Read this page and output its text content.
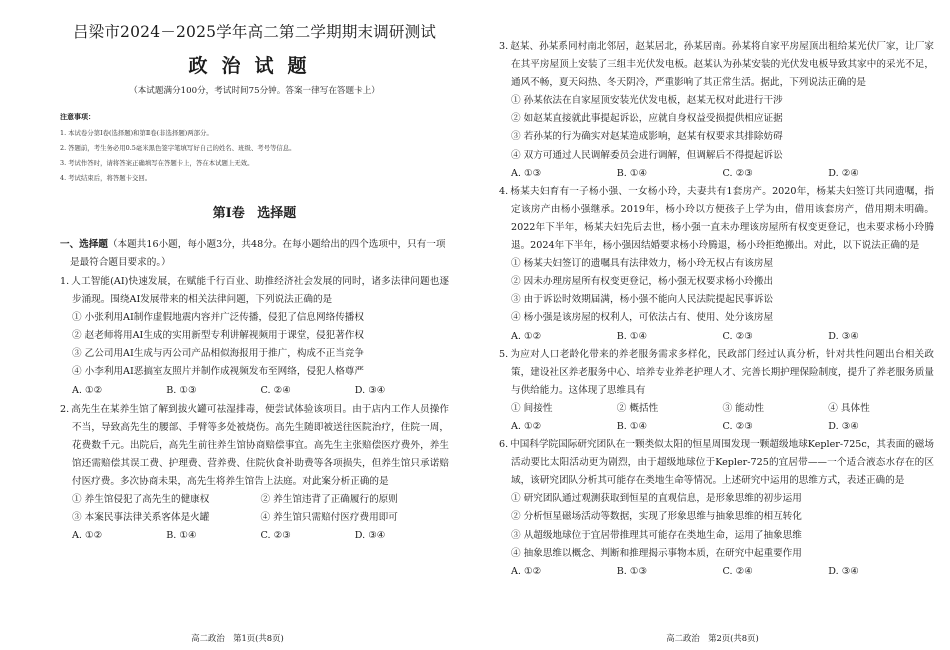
吕梁市2024－2025学年高二第二学期期末调研测试
政治试题
（本试题满分100分，考试时间75分钟。答案一律写在答题卡上）
注意事项：
1. 本试卷分第Ⅰ卷(选择题)和第Ⅱ卷(非选择题)两部分。
2. 答题前，考生务必用0.5毫米黑色签字笔填写好自己的姓名、班级、考号等信息。
3. 考试作答时，请将答案正确填写在答题卡上，答在本试题上无效。
4. 考试结束后，将答题卡交回。
第Ⅰ卷 选择题
一、选择题（本题共16小题，每小题3分，共48分。在每小题给出的四个选项中，只有一项是最符合题目要求的。）
1. 人工智能(AI)快速发展，在赋能千行百业、助推经济社会发展的同时，诸多法律问题也逐步涌现。围绕AI发展带来的相关法律问题，下列说法正确的是
① 小张利用AI制作虚假地震内容并广泛传播，侵犯了信息网络传播权
② 赵老师将用AI生成的实用新型专利讲解视频用于课堂，侵犯著作权
③ 乙公司用AI生成与丙公司产品相似海报用于推广，构成不正当竞争
④ 小李利用AI恶搞室友照片并制作成视频发布至网络，侵犯人格尊严
A. ①②	B. ①③	C. ②④	D. ③④
2. 高先生在某养生馆了解到拔火罐可祛湿排毒，便尝试体验该项目。由于店内工作人员操作不当，导致高先生的腰部、手臂等多处被烧伤。高先生随即被送往医院治疗，住院一周，花费数千元。出院后，高先生前往养生馆协商赔偿事宜。高先生主张赔偿医疗费外，养生馆还需赔偿其误工费、护理费、营养费、住院伙食补助费等各项损失，但养生馆只承诺赔付医疗费。多次协商未果，高先生将养生馆告上法庭。对此案分析正确的是
① 养生馆侵犯了高先生的健康权	② 养生馆违背了正确履行的原则
③ 本案民事法律关系客体是火罐	④ 养生馆只需赔付医疗费用即可
A. ①②	B. ①④	C. ②③	D. ③④
高二政治　第1页(共8页)
3. 赵某、孙某系同村南北邻居，赵某居北，孙某居南。孙某将自家平房屋顶出租给某光伏厂家，让厂家在其平房屋顶上安装了三组丰光伏发电板。赵某认为孙某安装的光伏发电板导致其家中的采光不足，通风不畅，夏天闷热、冬天阴冷，严重影响了其正常生活。据此，下列说法正确的是
① 孙某依法在自家屋顶安装光伏发电板，赵某无权对此进行干涉
② 如赵某直接就此事提起诉讼，应就自身权益受损提供相应证据
③ 若孙某的行为确实对赵某造成影响，赵某有权要求其排除妨碍
④ 双方可通过人民调解委员会进行调解，但调解后不得提起诉讼
A. ①③	B. ①④	C. ②③	D. ②④
4. 杨某夫妇育有一子杨小强、一女杨小玲，夫妻共有1套房产。2020年，杨某夫妇签订共同遗嘱，指定该房产由杨小强继承。2019年，杨小玲以方便孩子上学为由，借用该套房产，借用期未明确。2022年下半年，杨某夫妇先后去世，杨小强一直未办理该房屋所有权变更登记，也未要求杨小玲腾退。2024年下半年，杨小强因结婚要求杨小玲腾退，杨小玲拒绝搬出。对此，以下说法正确的是
① 杨某夫妇签订的遗嘱具有法律效力，杨小玲无权占有该房屋
② 因未办理房屋所有权变更登记，杨小强无权要求杨小玲搬出
③ 由于诉讼时效期届满，杨小强不能向人民法院提起民事诉讼
④ 杨小强是该房屋的权利人，可依法占有、使用、处分该房屋
A. ①②	B. ①④	C. ②③	D. ③④
5. 为应对人口老龄化带来的养老服务需求多样化，民政部门经过认真分析，针对共性问题出台相关政策，建设社区养老服务中心、培养专业养老护理人才、完善长期护理保险制度，提升了养老服务质量与供给能力。这体现了思维具有
① 间接性	② 概括性	③ 能动性	④ 具体性
A. ①②	B. ①④	C. ②③	D. ③④
6. 中国科学院国际研究团队在一颗类似太阳的恒星周围发现一颗超级地球Kepler-725c，其表面的磁场活动要比太阳活动更为剧烈，由于超级地球位于Kepler-725的宜居带——一个适合液态水存在的区域，该研究团队分析其可能存在类地生命等情况。上述研究中运用的思维方式，表述正确的是
① 研究团队通过观测获取到恒星的直观信息，是形象思维的初步运用
② 分析恒星磁场活动等数据，实现了形象思维与抽象思维的相互转化
③ 从超级地球位于宜居带推理其可能存在类地生命，运用了抽象思维
④ 抽象思维以概念、判断和推理揭示事物本质，在研究中起重要作用
A. ①②	B. ①③	C. ②④	D. ③④
高二政治　第2页(共8页)
